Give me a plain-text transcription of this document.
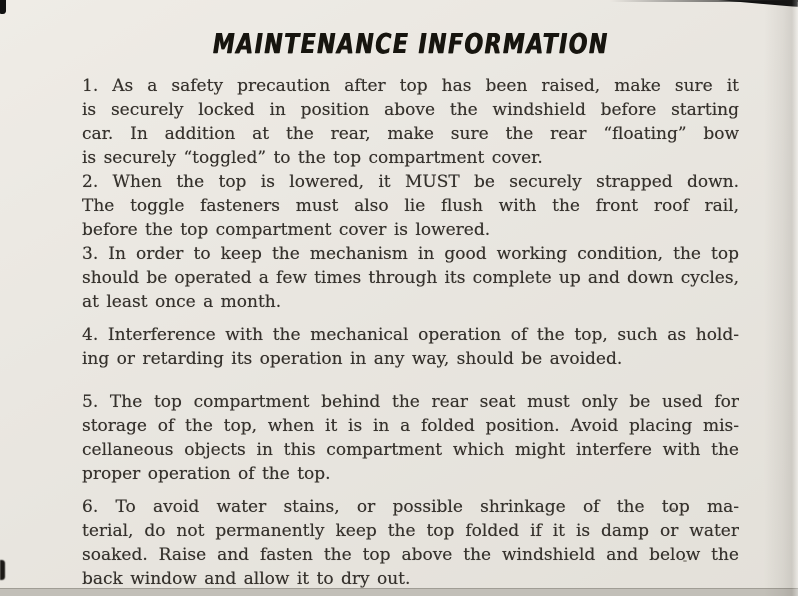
MAINTENANCE INFORMATION
1. As a safety precaution after top has been raised, make sure it
is securely locked in position above the windshield before starting
car. In addition at the rear, make sure the rear “floating” bow
is securely “toggled” to the top compartment cover.
2. When the top is lowered, it MUST be securely strapped down.
The toggle fasteners must also lie flush with the front roof rail,
before the top compartment cover is lowered.
3. In order to keep the mechanism in good working condition, the top
should be operated a few times through its complete up and down cycles,
at least once a month.
4. Interference with the mechanical operation of the top, such as hold-
ing or retarding its operation in any way, should be avoided.
5. The top compartment behind the rear seat must only be used for
storage of the top, when it is in a folded position. Avoid placing mis-
cellaneous objects in this compartment which might interfere with the
proper operation of the top.
6. To avoid water stains, or possible shrinkage of the top ma-
terial, do not permanently keep the top folded if it is damp or water
soaked. Raise and fasten the top above the windshield and below the
back window and allow it to dry out.
